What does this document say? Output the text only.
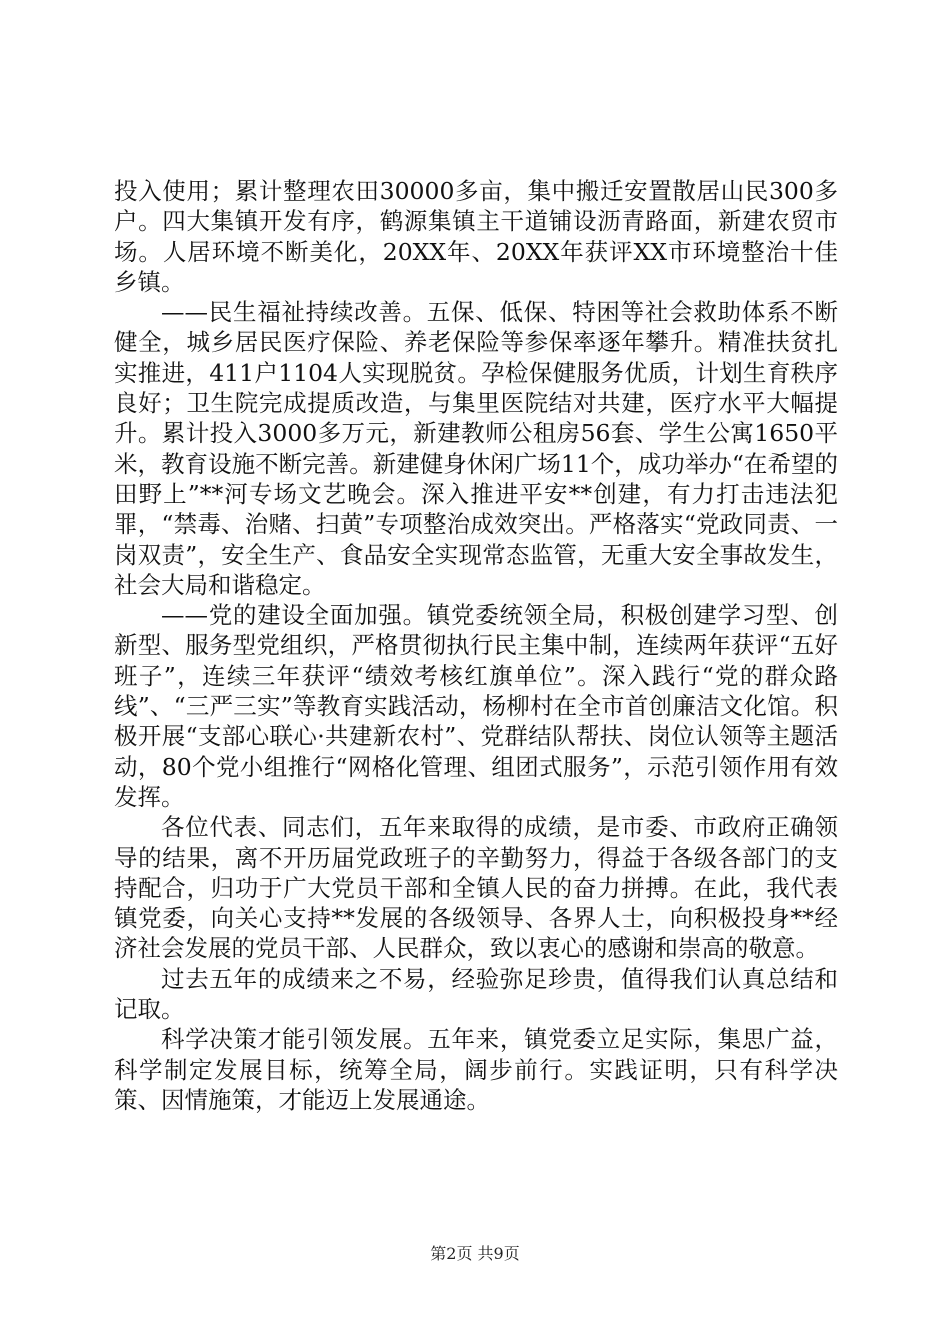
投入使用；累计整理农田30000多亩，集中搬迁安置散居山民300多户。四大集镇开发有序，鹤源集镇主干道铺设沥青路面，新建农贸市场。人居环境不断美化，20XX年、20XX年获评XX市环境整治十佳乡镇。

——民生福祉持续改善。五保、低保、特困等社会救助体系不断健全，城乡居民医疗保险、养老保险等参保率逐年攀升。精准扶贫扎实推进，411户1104人实现脱贫。孕检保健服务优质，计划生育秩序良好；卫生院完成提质改造，与集里医院结对共建，医疗水平大幅提升。累计投入3000多万元，新建教师公租房56套、学生公寓1650平米，教育设施不断完善。新建健身休闲广场11个，成功举办“在希望的田野上”**河专场文艺晚会。深入推进平安**创建，有力打击违法犯罪，“禁毒、治赌、扫黄”专项整治成效突出。严格落实“党政同责、一岗双责”，安全生产、食品安全实现常态监管，无重大安全事故发生，社会大局和谐稳定。

——党的建设全面加强。镇党委统领全局，积极创建学习型、创新型、服务型党组织，严格贯彻执行民主集中制，连续两年获评“五好班子”，连续三年获评“绩效考核红旗单位”。深入践行“党的群众路线”、“三严三实”等教育实践活动，杨柳村在全市首创廉洁文化馆。积极开展“支部心联心·共建新农村”、党群结队帮扶、岗位认领等主题活动，80个党小组推行“网格化管理、组团式服务”，示范引领作用有效发挥。

各位代表、同志们，五年来取得的成绩，是市委、市政府正确领导的结果，离不开历届党政班子的辛勤努力，得益于各级各部门的支持配合，归功于广大党员干部和全镇人民的奋力拼搏。在此，我代表镇党委，向关心支持**发展的各级领导、各界人士，向积极投身**经济社会发展的党员干部、人民群众，致以衷心的感谢和崇高的敬意。

过去五年的成绩来之不易，经验弥足珍贵，值得我们认真总结和记取。

科学决策才能引领发展。五年来，镇党委立足实际，集思广益，科学制定发展目标，统筹全局，阔步前行。实践证明，只有科学决策、因情施策，才能迈上发展通途。

第2页 共9页
